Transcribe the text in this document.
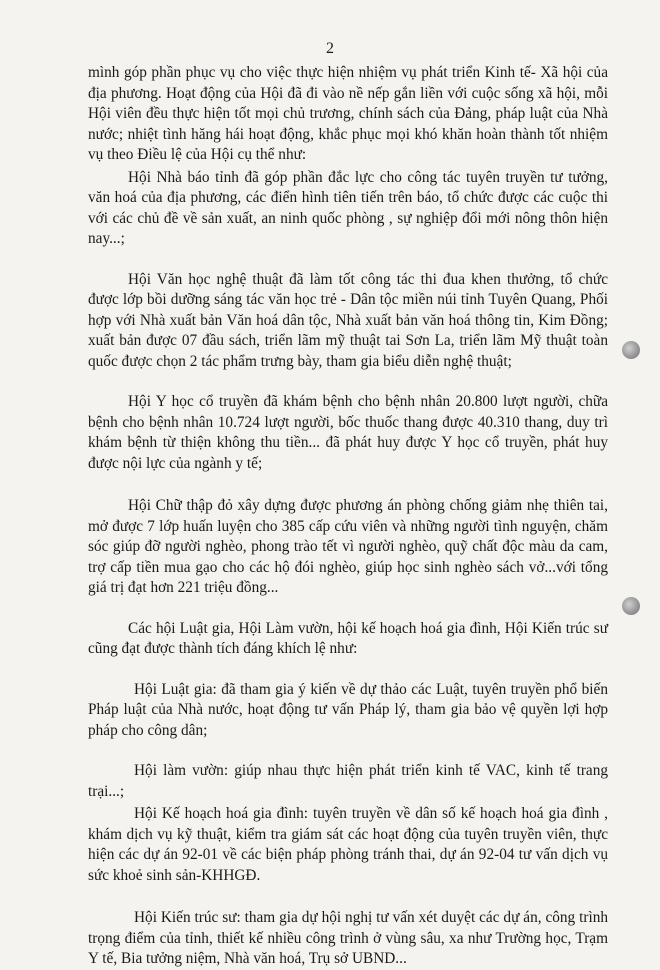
2

mình góp phần phục vụ cho việc thực hiện nhiệm vụ phát triển Kinh tế- Xã hội của địa phương. Hoạt động của Hội đã đi vào nề nếp gắn liền với cuộc sống xã hội, mỗi Hội viên đều thực hiện tốt mọi chủ trương, chính sách của Đảng, pháp luật của Nhà nước; nhiệt tình hăng hái hoạt động, khắc phục mọi khó khăn hoàn thành tốt nhiệm vụ theo Điều lệ của Hội cụ thể như:

Hội Nhà báo tỉnh đã góp phần đắc lực cho công tác tuyên truyền tư tưởng, văn hoá của địa phương, các điển hình tiên tiến trên báo, tổ chức được các cuộc thi với các chủ đề về sản xuất, an ninh quốc phòng , sự nghiệp đổi mới nông thôn hiện nay...;

Hội Văn học nghệ thuật đã làm tốt công tác thi đua khen thưởng, tổ chức được lớp bồi dưỡng sáng tác văn học trẻ - Dân tộc miền núi tỉnh Tuyên Quang, Phối hợp với Nhà xuất bản Văn hoá dân tộc, Nhà xuất bản văn hoá thông tin, Kim Đồng; xuất bản được 07 đầu sách, triển lãm mỹ thuật tai Sơn La, triển lãm Mỹ thuật toàn quốc được chọn 2 tác phẩm trưng bày, tham gia biểu diễn nghệ thuật;

Hội Y học cổ truyền đã khám bệnh cho bệnh nhân 20.800 lượt người, chữa bệnh cho bệnh nhân 10.724 lượt người, bốc thuốc thang được 40.310 thang, duy trì khám bệnh từ thiện không thu tiền... đã phát huy được Y học cổ truyền, phát huy được nội lực của ngành y tế;

Hội Chữ thập đỏ xây dựng được phương án phòng chống giảm nhẹ thiên tai, mở được 7 lớp huấn luyện cho 385 cấp cứu viên và những người tình nguyện, chăm sóc giúp đỡ người nghèo, phong trào tết vì người nghèo, quỹ chất độc màu da cam, trợ cấp tiền mua gạo cho các hộ đói nghèo, giúp học sinh nghèo sách vở...với tổng giá trị đạt hơn 221 triệu đồng...

Các hội Luật gia, Hội Làm vườn, hội kế hoạch hoá gia đình, Hội Kiến trúc sư cũng đạt được thành tích đáng khích lệ như:

Hội Luật gia: đã tham gia ý kiến về dự thảo các Luật, tuyên truyền phổ biến Pháp luật của Nhà nước, hoạt động tư vấn Pháp lý, tham gia bảo vệ quyền lợi hợp pháp cho công dân;

Hội làm vườn: giúp nhau thực hiện phát triển kinh tế VAC, kinh tế trang trại...;

Hội Kế hoạch hoá gia đình: tuyên truyền về dân số kế hoạch hoá gia đình , khám dịch vụ kỹ thuật, kiểm tra giám sát các hoạt động của tuyên truyền viên, thực hiện các dự án 92-01 về các biện pháp phòng tránh thai, dự án 92-04 tư vấn dịch vụ sức khoẻ sinh sản-KHHGĐ.

Hội Kiến trúc sư: tham gia dự hội nghị tư vấn xét duyệt các dự án, công trình trọng điểm của tỉnh, thiết kế nhiều công trình ở vùng sâu, xa như Trường học, Trạm Y tế, Bia tưởng niệm, Nhà văn hoá, Trụ sở UBND...
